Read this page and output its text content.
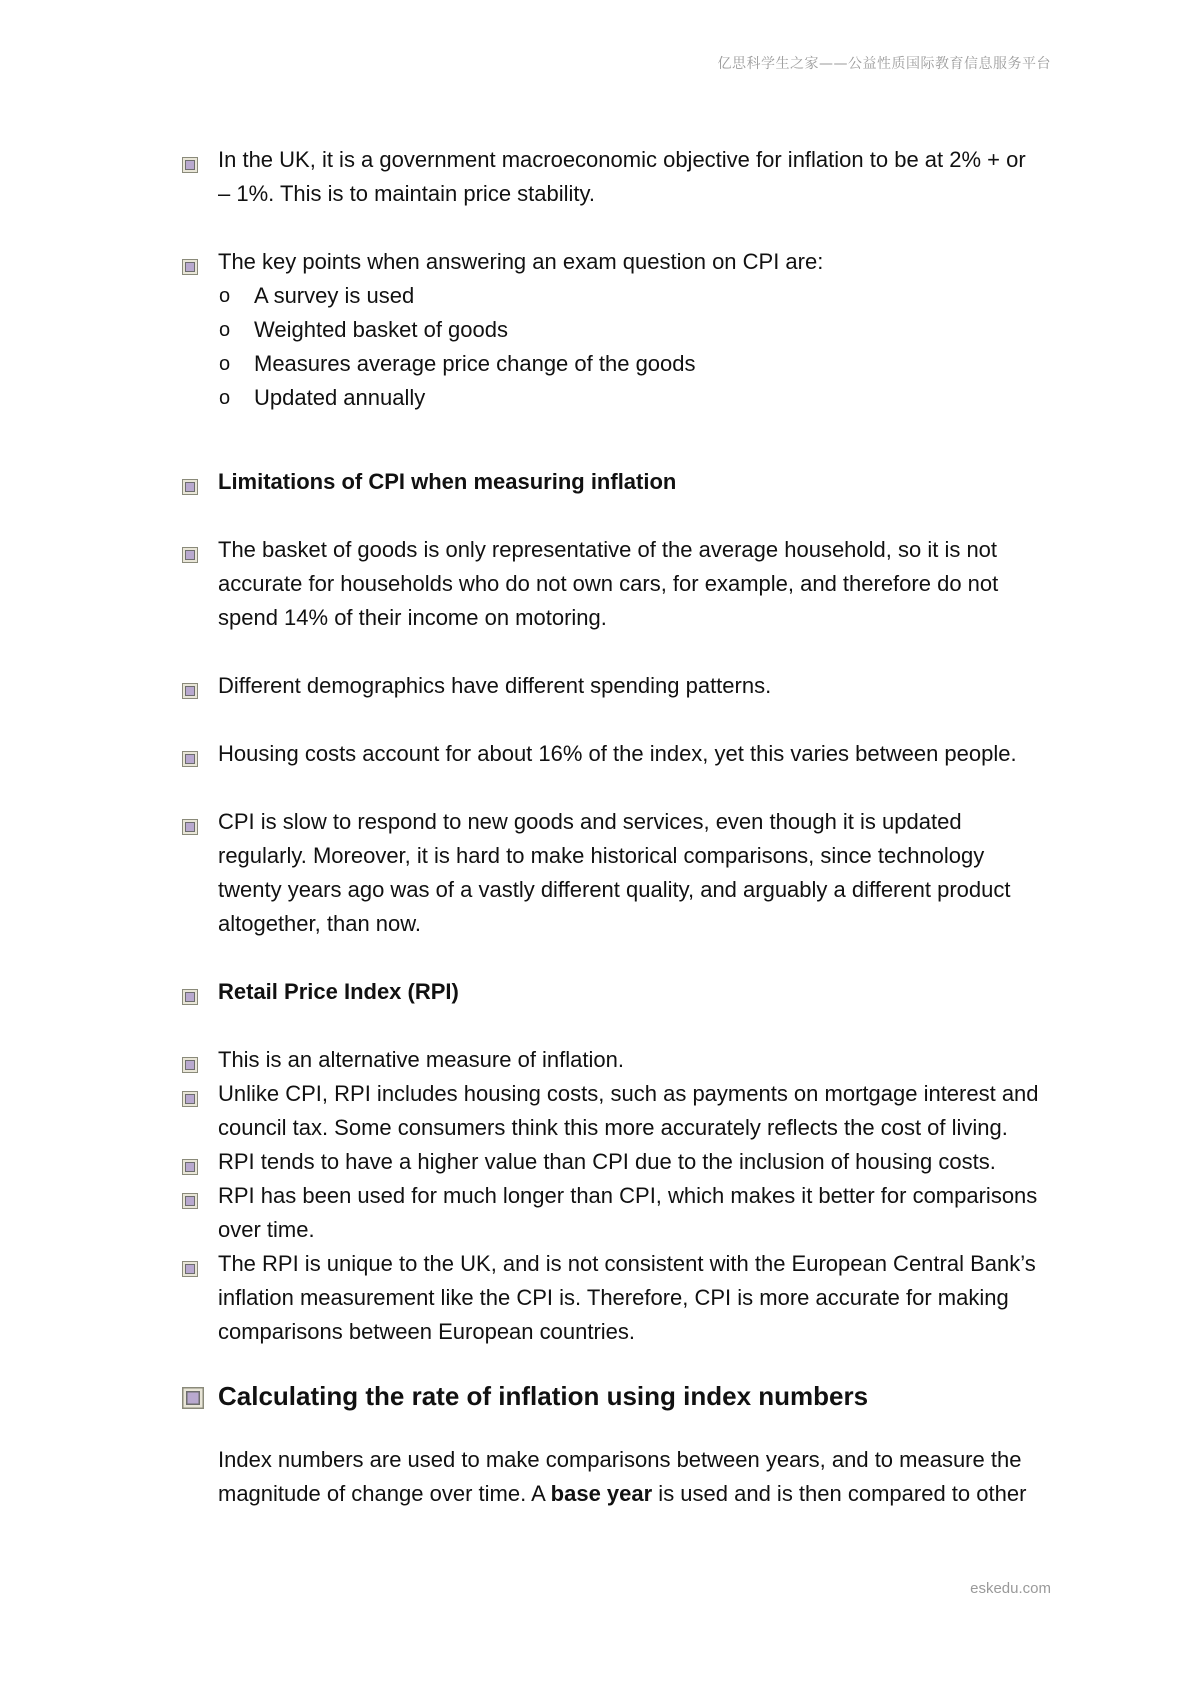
亿思科学生之家——公益性质国际教育信息服务平台
In the UK, it is a government macroeconomic objective for inflation to be at 2% + or – 1%. This is to maintain price stability.
The key points when answering an exam question on CPI are:
o A survey is used
o Weighted basket of goods
o Measures average price change of the goods
o Updated annually
Limitations of CPI when measuring inflation
The basket of goods is only representative of the average household, so it is not accurate for households who do not own cars, for example, and therefore do not spend 14% of their income on motoring.
Different demographics have different spending patterns.
Housing costs account for about 16% of the index, yet this varies between people.
CPI is slow to respond to new goods and services, even though it is updated regularly. Moreover, it is hard to make historical comparisons, since technology twenty years ago was of a vastly different quality, and arguably a different product altogether, than now.
Retail Price Index (RPI)
This is an alternative measure of inflation.
Unlike CPI, RPI includes housing costs, such as payments on mortgage interest and council tax. Some consumers think this more accurately reflects the cost of living.
RPI tends to have a higher value than CPI due to the inclusion of housing costs.
RPI has been used for much longer than CPI, which makes it better for comparisons over time.
The RPI is unique to the UK, and is not consistent with the European Central Bank’s inflation measurement like the CPI is. Therefore, CPI is more accurate for making comparisons between European countries.
Calculating the rate of inflation using index numbers
Index numbers are used to make comparisons between years, and to measure the magnitude of change over time. A base year is used and is then compared to other
eskedu.com
